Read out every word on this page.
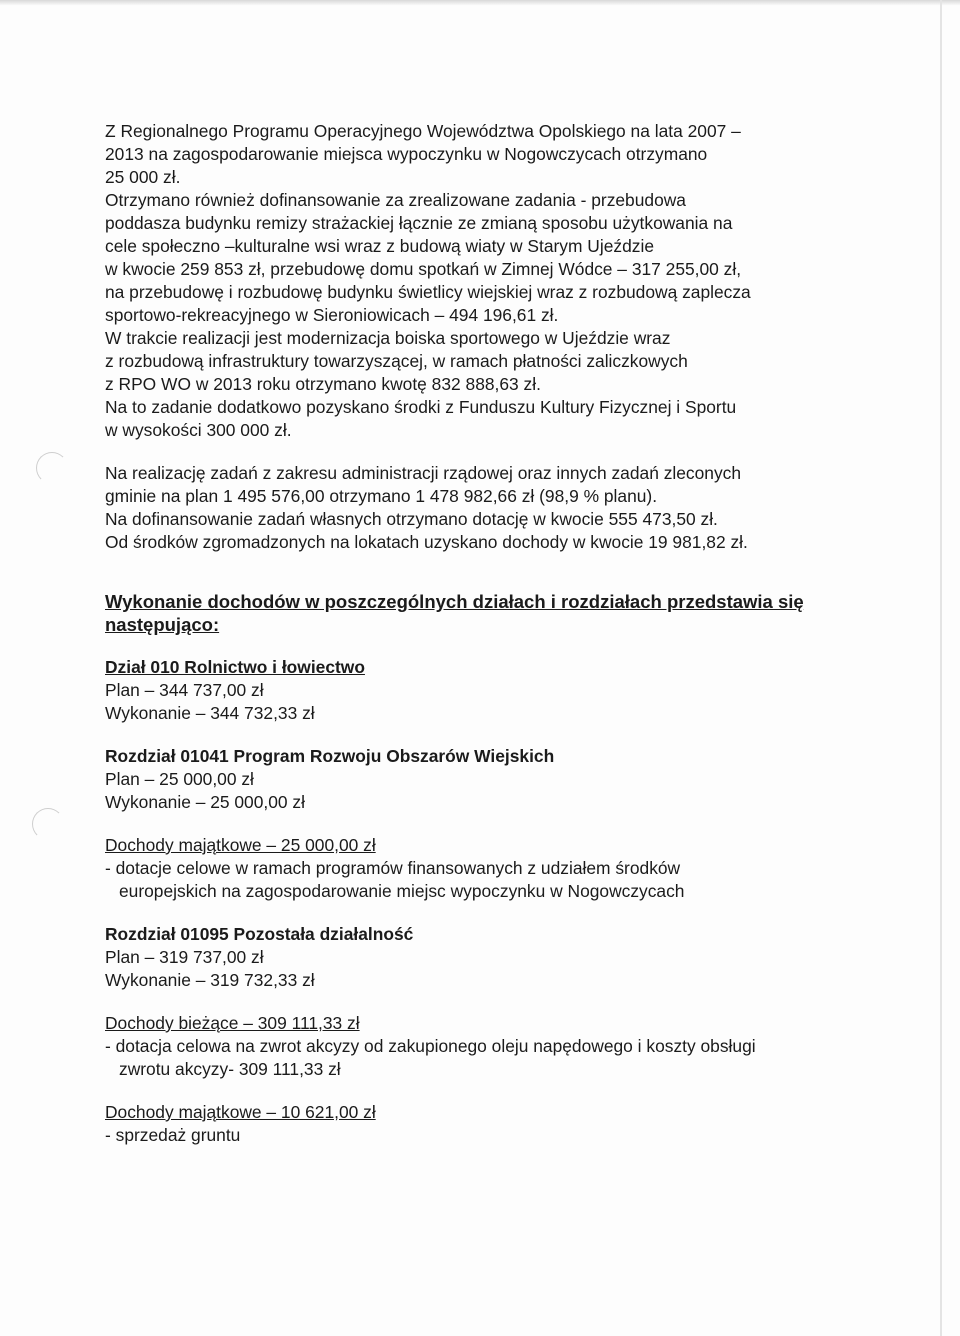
Z Regionalnego Programu Operacyjnego Województwa Opolskiego na lata 2007 –

2013 na zagospodarowanie miejsca wypoczynku w Nogowczycach otrzymano

25 000 zł.

Otrzymano również dofinansowanie za zrealizowane zadania - przebudowa

poddasza budynku remizy strażackiej łącznie ze zmianą sposobu użytkowania na

cele społeczno –kulturalne wsi wraz z budową wiaty w Starym Ujeździe

w kwocie 259 853 zł, przebudowę domu spotkań w Zimnej Wódce – 317 255,00 zł,

na przebudowę i rozbudowę budynku świetlicy wiejskiej wraz z rozbudową zaplecza

sportowo-rekreacyjnego w Sieroniowicach – 494 196,61 zł.

W trakcie realizacji jest modernizacja boiska sportowego w Ujeździe wraz

z rozbudową infrastruktury towarzyszącej, w ramach płatności zaliczkowych

z RPO WO w 2013 roku otrzymano kwotę 832 888,63 zł.

Na to zadanie dodatkowo pozyskano środki z Funduszu Kultury Fizycznej i Sportu

w wysokości 300 000 zł.

Na realizację zadań z zakresu administracji rządowej oraz innych zadań zleconych

gminie na plan 1 495 576,00 otrzymano 1 478 982,66 zł (98,9 % planu).

Na dofinansowanie zadań własnych otrzymano dotację w kwocie 555 473,50 zł.

Od środków zgromadzonych na lokatach uzyskano dochody w kwocie 19 981,82 zł.

Wykonanie dochodów w poszczególnych działach i rozdziałach przedstawia się

następująco:

Dział 010 Rolnictwo i łowiectwo

Plan – 344 737,00 zł

Wykonanie – 344 732,33 zł

Rozdział 01041 Program Rozwoju Obszarów Wiejskich

Plan – 25 000,00 zł

Wykonanie – 25 000,00 zł

Dochody majątkowe – 25 000,00 zł

- dotacje celowe w ramach programów finansowanych z udziałem środków

europejskich na zagospodarowanie miejsc wypoczynku w Nogowczycach

Rozdział 01095 Pozostała działalność

Plan – 319 737,00 zł

Wykonanie – 319 732,33 zł

Dochody bieżące – 309 111,33 zł

- dotacja celowa na zwrot akcyzy od zakupionego oleju napędowego i koszty obsługi

zwrotu akcyzy- 309 111,33 zł

Dochody majątkowe – 10 621,00 zł

- sprzedaż gruntu
